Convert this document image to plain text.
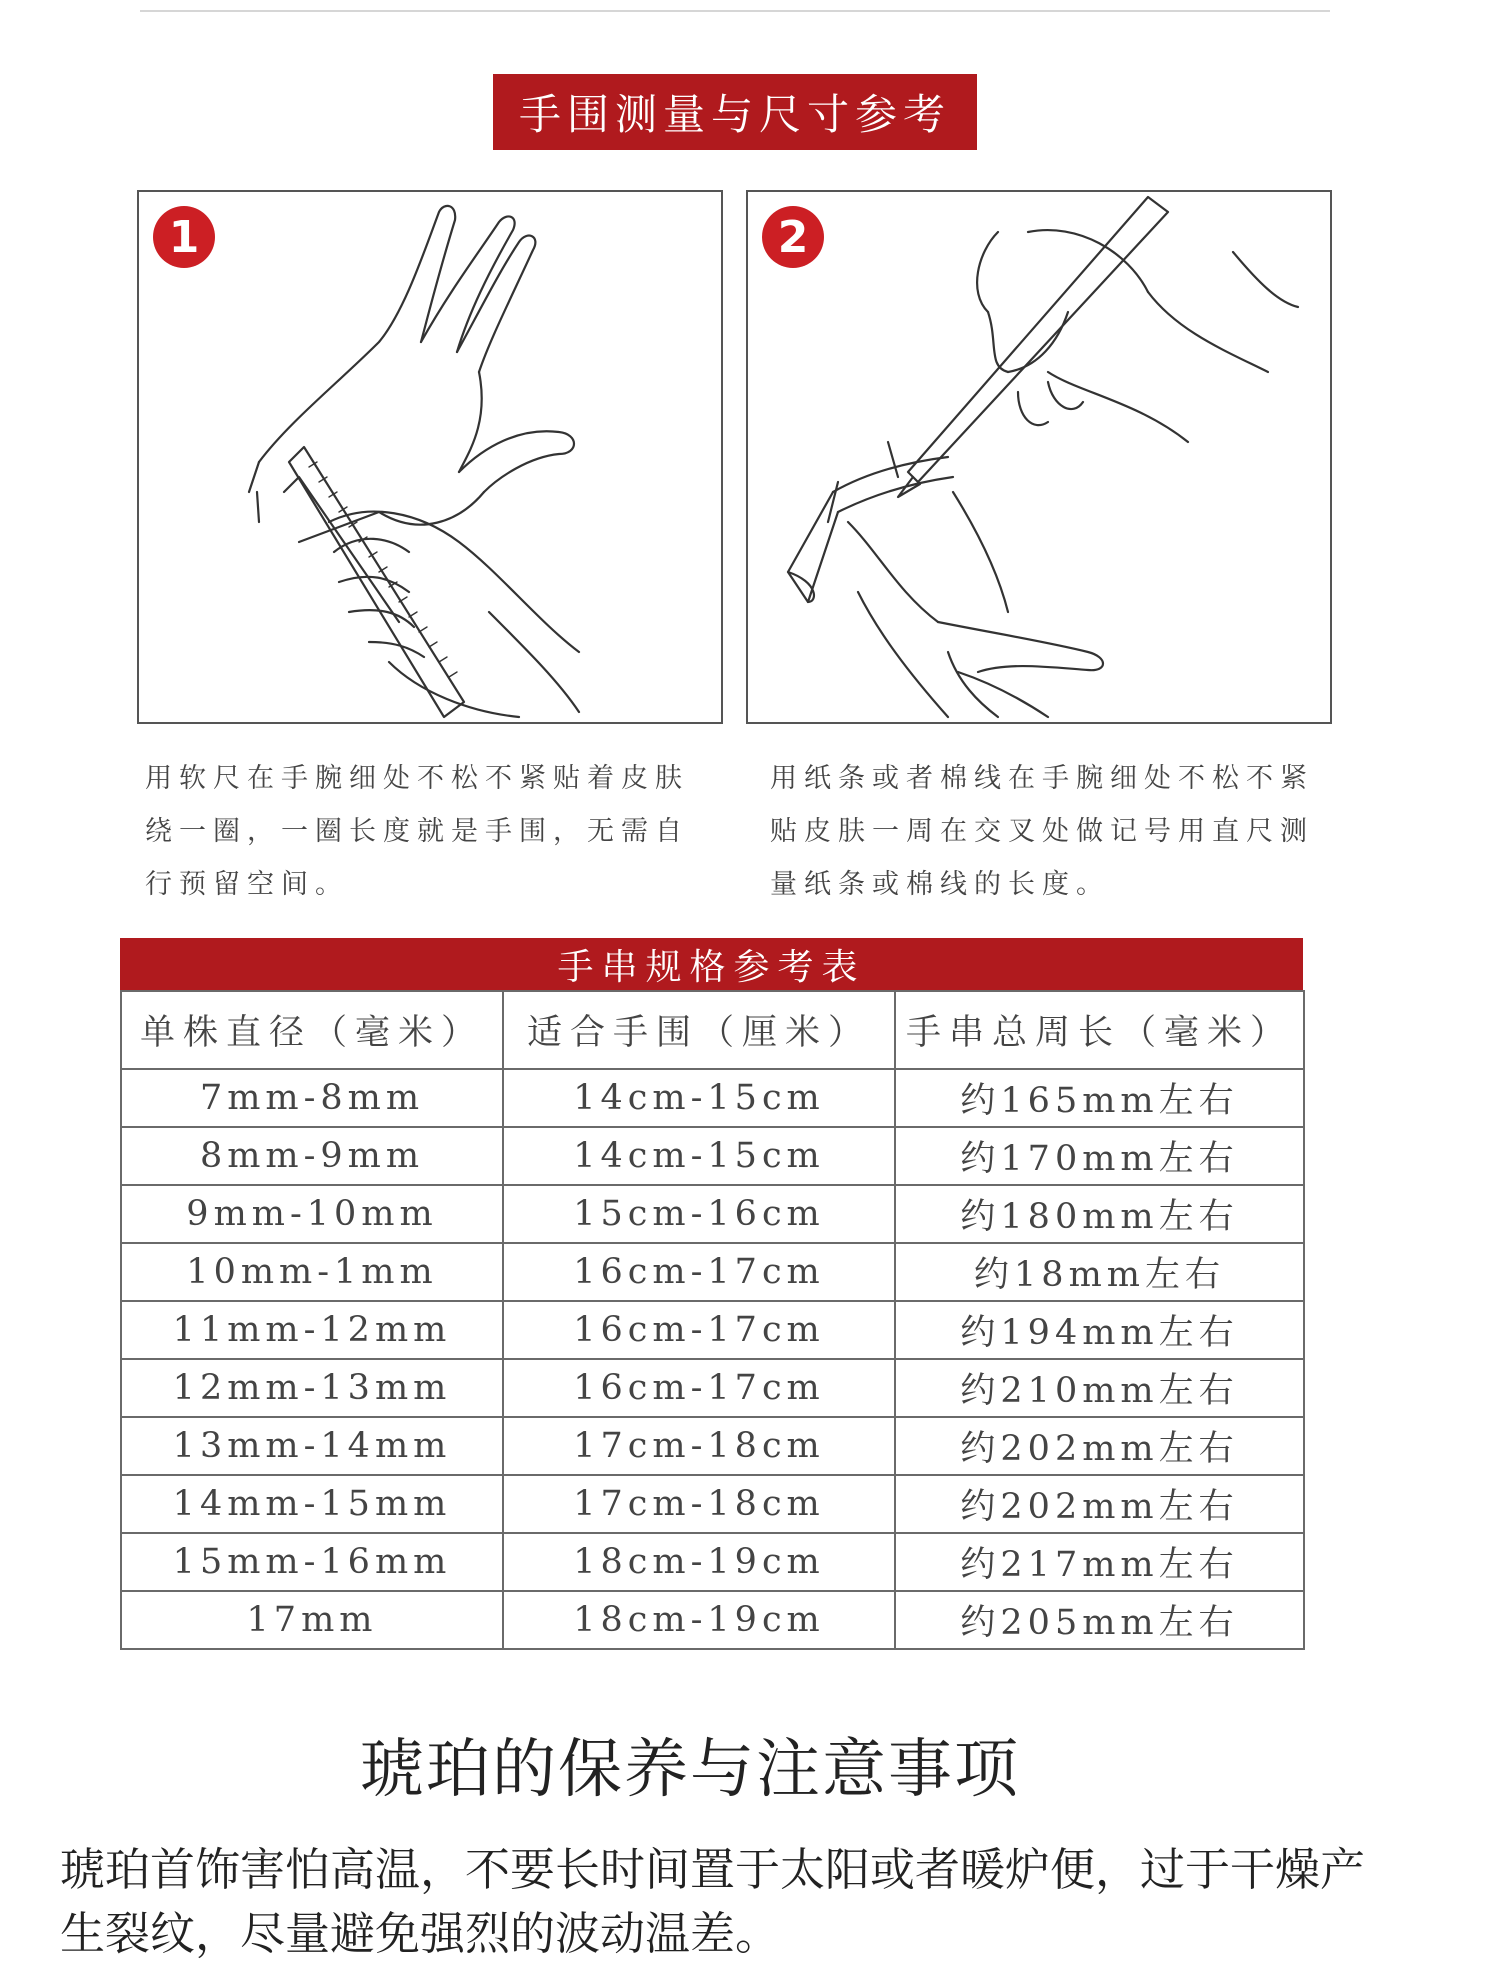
手围测量与尺寸参考
1	2
用软尺在手腕细处不松不紧贴着皮肤绕一圈，一圈长度就是手围，无需自行预留空间。
用纸条或者棉线在手腕细处不松不紧贴皮肤一周在交叉处做记号用直尺测量纸条或棉线的长度。
手串规格参考表
单株直径（毫米）	适合手围（厘米）	手串总周长（毫米）
7mm-8mm	14cm-15cm	约165mm左右
8mm-9mm	14cm-15cm	约170mm左右
9mm-10mm	15cm-16cm	约180mm左右
10mm-1mm	16cm-17cm	约18mm左右
11mm-12mm	16cm-17cm	约194mm左右
12mm-13mm	16cm-17cm	约210mm左右
13mm-14mm	17cm-18cm	约202mm左右
14mm-15mm	17cm-18cm	约202mm左右
15mm-16mm	18cm-19cm	约217mm左右
17mm	18cm-19cm	约205mm左右
琥珀的保养与注意事项
琥珀首饰害怕高温，不要长时间置于太阳或者暖炉便，过于干燥产生裂纹，尽量避免强烈的波动温差。
